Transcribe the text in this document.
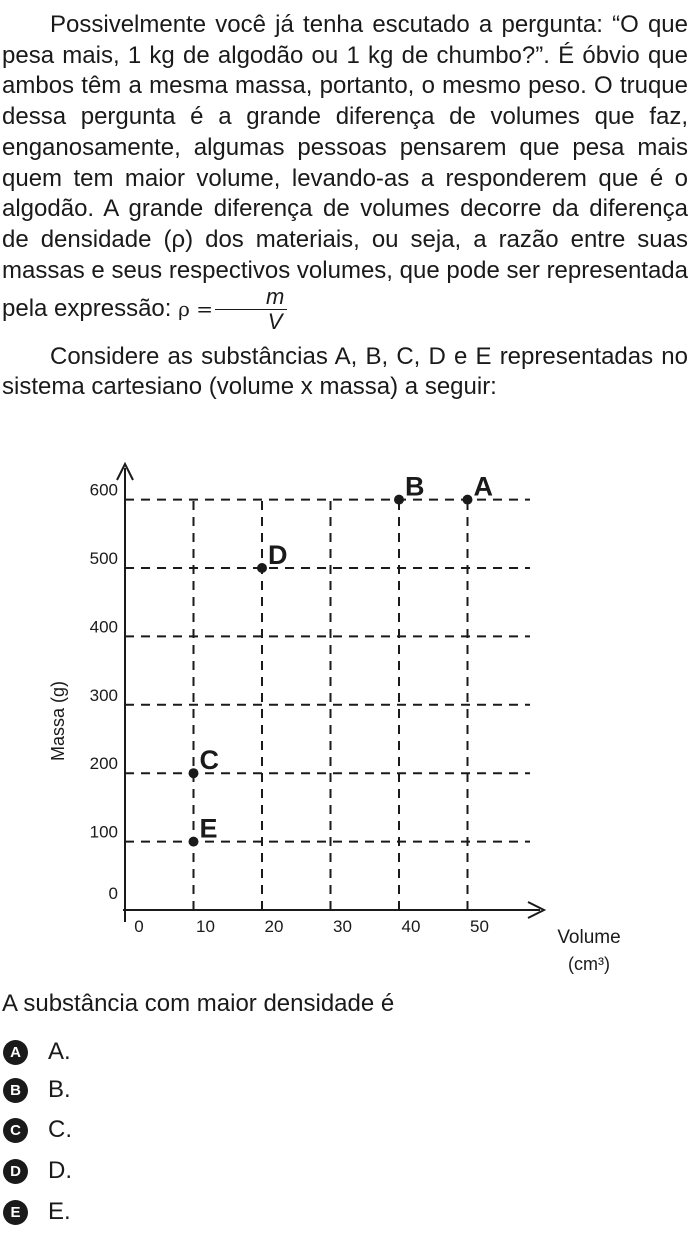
Possivelmente você já tenha escutado a pergunta: “O que pesa mais, 1 kg de algodão ou 1 kg de chumbo?”. É óbvio que ambos têm a mesma massa, portanto, o mesmo peso. O truque dessa pergunta é a grande diferença de volumes que faz, enganosamente, algumas pessoas pensarem que pesa mais quem tem maior volume, levando-as a responderem que é o algodão. A grande diferença de volumes decorre da diferença de densidade (ρ) dos materiais, ou seja, a razão entre suas massas e seus respectivos volumes, que pode ser representada pela expressão: $\rho = \frac{m}{V}$

Considere as substâncias A, B, C, D e E representadas no sistema cartesiano (volume x massa) a seguir:

0
100
200
300
400
500
600
0	10	20	30	40	50
A
B
C
D
E
Massa (g)
Volume
(cm³)

A substância com maior densidade é

A A.
B B.
C C.
D D.
E	E.
